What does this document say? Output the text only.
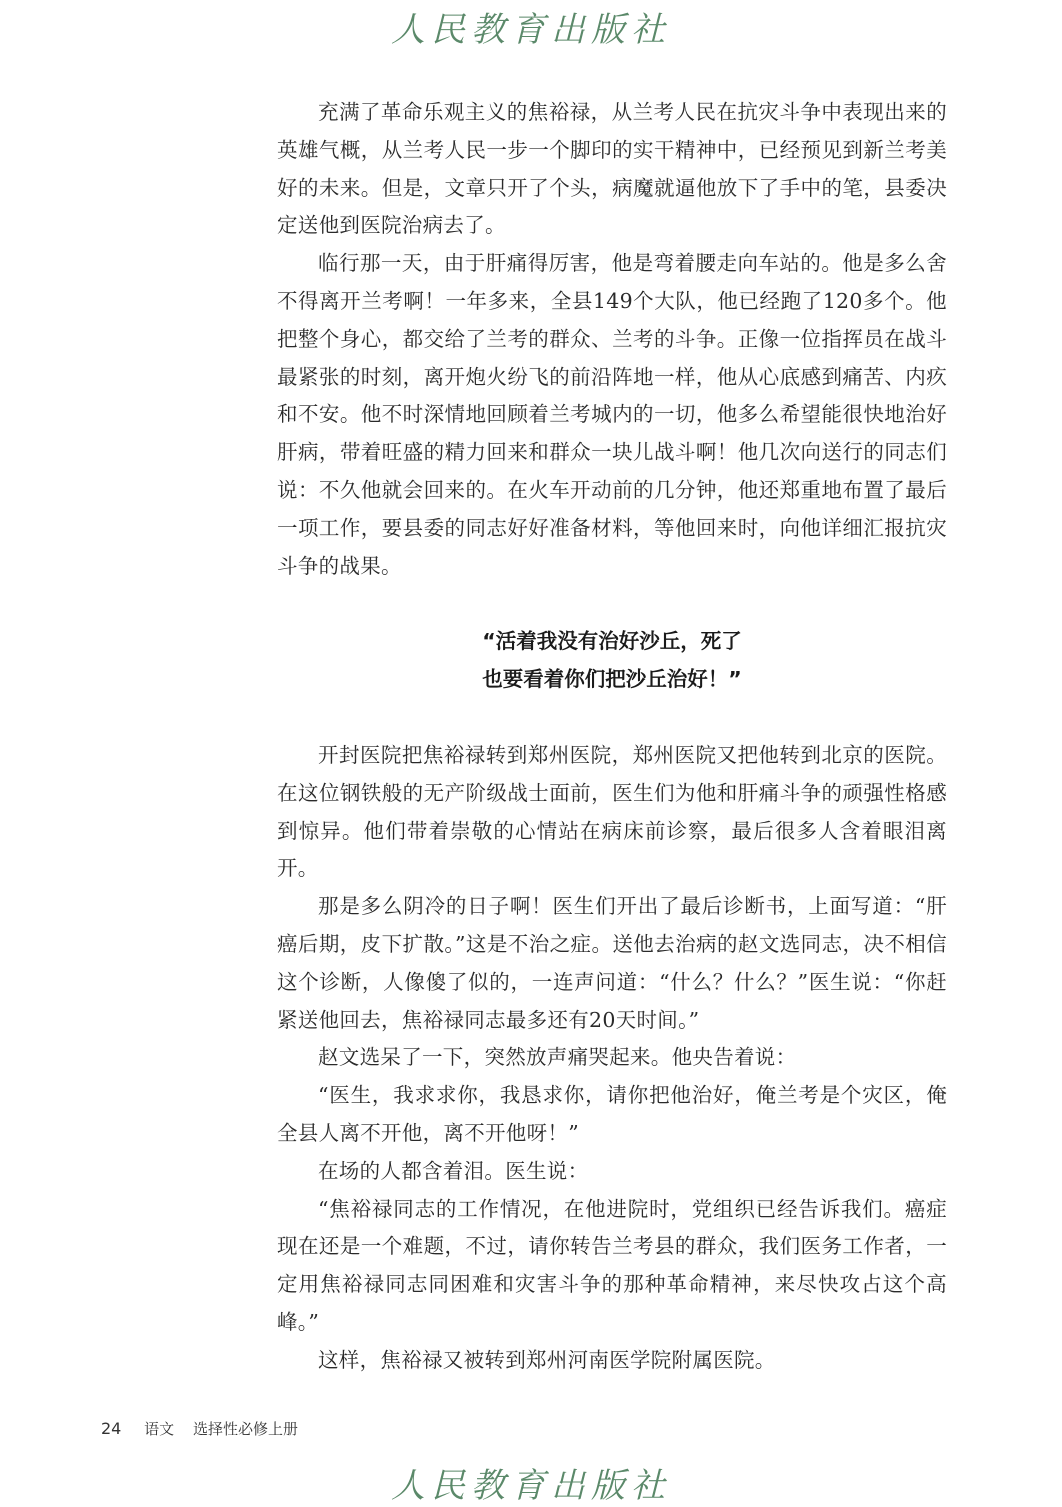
人民教育出版社

充满了革命乐观主义的焦裕禄，从兰考人民在抗灾斗争中表现出来的英雄气概，从兰考人民一步一个脚印的实干精神中，已经预见到新兰考美好的未来。但是，文章只开了个头，病魔就逼他放下了手中的笔，县委决定送他到医院治病去了。

临行那一天，由于肝痛得厉害，他是弯着腰走向车站的。他是多么舍不得离开兰考啊！一年多来，全县149个大队，他已经跑了120多个。他把整个身心，都交给了兰考的群众、兰考的斗争。正像一位指挥员在战斗最紧张的时刻，离开炮火纷飞的前沿阵地一样，他从心底感到痛苦、内疚和不安。他不时深情地回顾着兰考城内的一切，他多么希望能很快地治好肝病，带着旺盛的精力回来和群众一块儿战斗啊！他几次向送行的同志们说：不久他就会回来的。在火车开动前的几分钟，他还郑重地布置了最后一项工作，要县委的同志好好准备材料，等他回来时，向他详细汇报抗灾斗争的战果。

“活着我没有治好沙丘，死了
也要看着你们把沙丘治好！”

开封医院把焦裕禄转到郑州医院，郑州医院又把他转到北京的医院。在这位钢铁般的无产阶级战士面前，医生们为他和肝痛斗争的顽强性格感到惊异。他们带着崇敬的心情站在病床前诊察，最后很多人含着眼泪离开。

那是多么阴冷的日子啊！医生们开出了最后诊断书，上面写道：“肝癌后期，皮下扩散。”这是不治之症。送他去治病的赵文选同志，决不相信这个诊断，人像傻了似的，一连声问道：“什么？什么？”医生说：“你赶紧送他回去，焦裕禄同志最多还有20天时间。”

赵文选呆了一下，突然放声痛哭起来。他央告着说：

“医生，我求求你，我恳求你，请你把他治好，俺兰考是个灾区，俺全县人离不开他，离不开他呀！”

在场的人都含着泪。医生说：

“焦裕禄同志的工作情况，在他进院时，党组织已经告诉我们。癌症现在还是一个难题，不过，请你转告兰考县的群众，我们医务工作者，一定用焦裕禄同志同困难和灾害斗争的那种革命精神，来尽快攻占这个高峰。”

这样，焦裕禄又被转到郑州河南医学院附属医院。

24 语文 选择性必修上册
人民教育出版社
